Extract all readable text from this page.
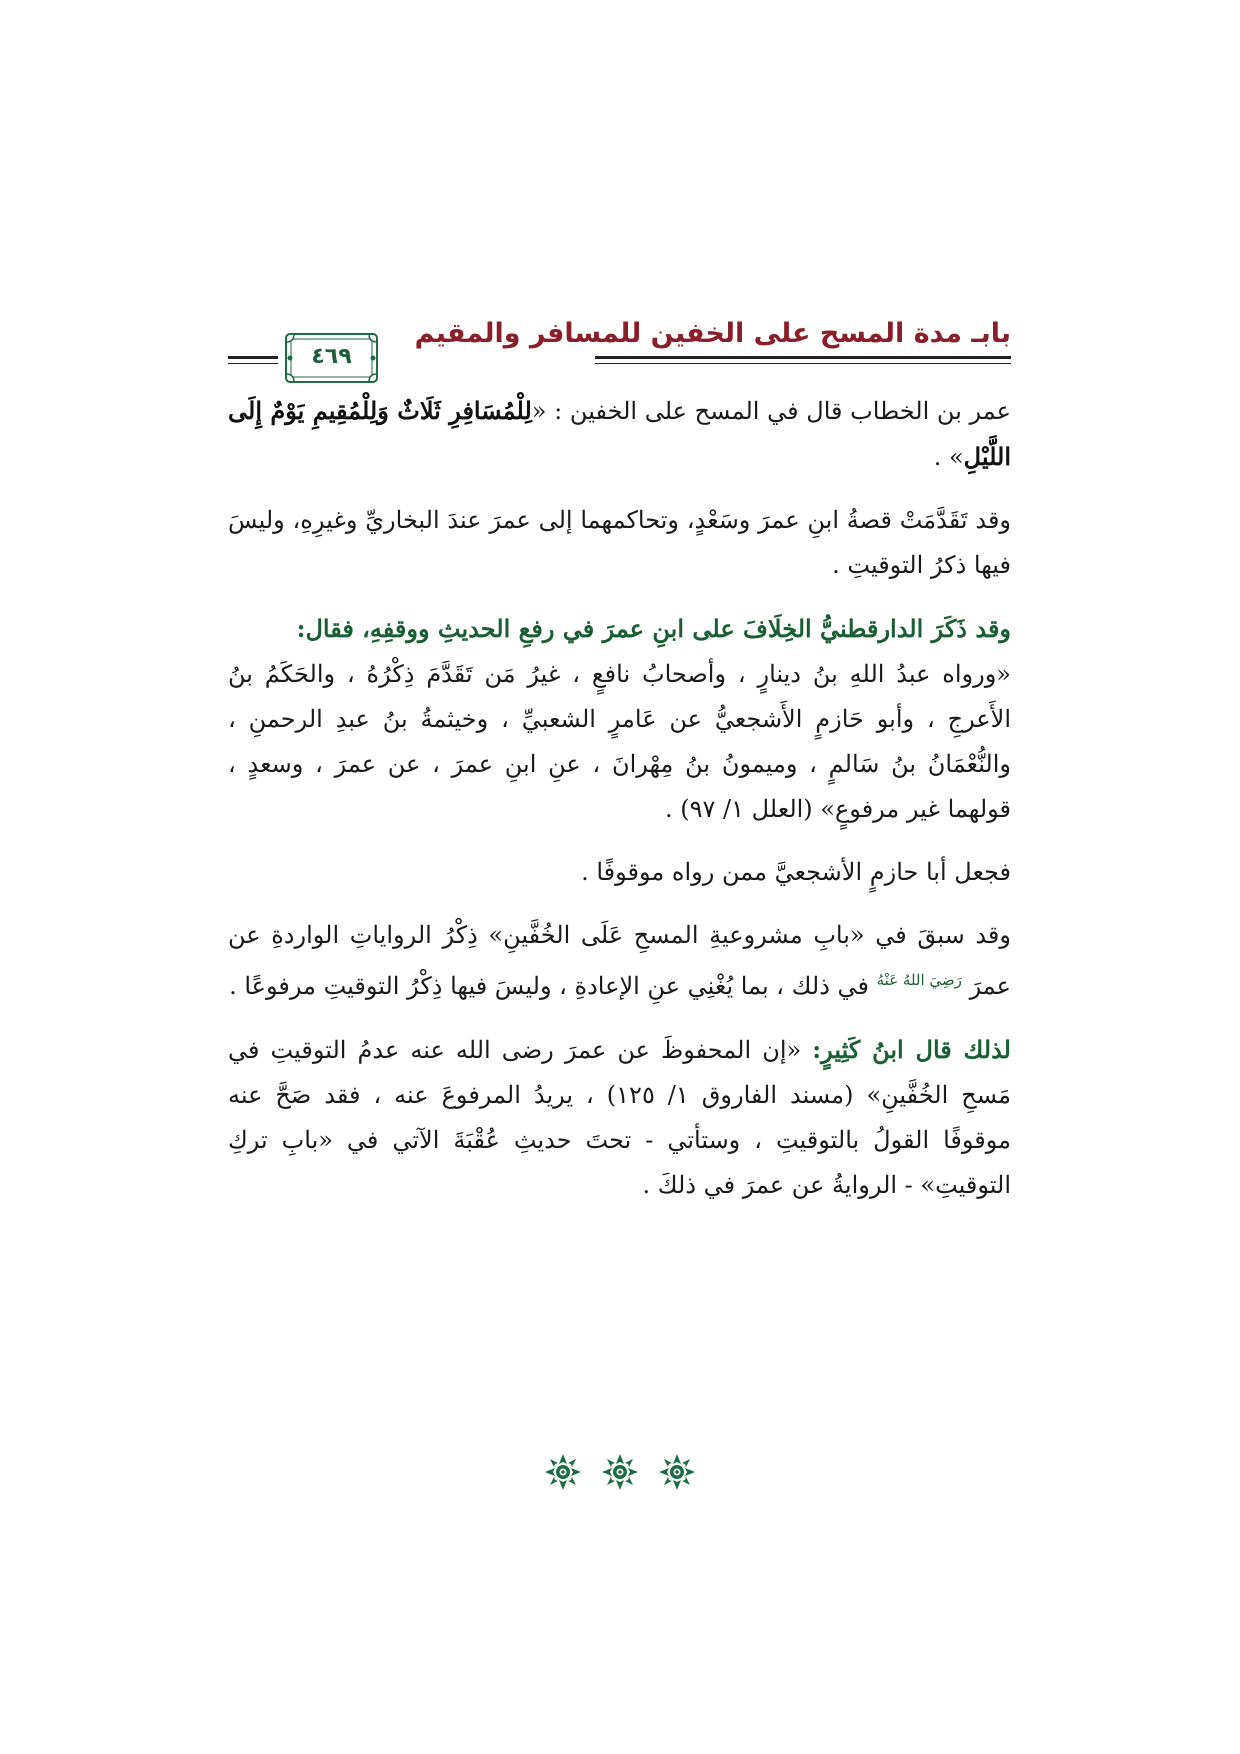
بابـ مدة المسح على الخفين للمسافر والمقيم
٤٦٩

عمر بن الخطاب قال في المسح على الخفين : «لِلْمُسَافِرِ ثَلَاثٌ وَلِلْمُقِيمِ يَوْمٌ إِلَى اللَّيْلِ» .

وقد تَقَدَّمَتْ قصةُ ابنِ عمرَ وسَعْدٍ، وتحاكمهما إلى عمرَ عندَ البخاريِّ وغيرِهِ، وليسَ فيها ذكرُ التوقيتِ .

وقد ذَكَرَ الدارقطنيُّ الخِلَافَ على ابنِ عمرَ في رفعِ الحديثِ ووقفِهِ، فقال:
«ورواه عبدُ اللهِ بنُ دينارٍ ، وأصحابُ نافعٍ ، غيرُ مَن تَقَدَّمَ ذِكْرُهُ ، والحَكَمُ بنُ الأَعرجِ ، وأبو حَازمٍ الأَشجعيُّ عن عَامرٍ الشعبيِّ ، وخيثمةُ بنُ عبدِ الرحمنِ ، والنُّعْمَانُ بنُ سَالمٍ ، وميمونُ بنُ مِهْرانَ ، عنِ ابنِ عمرَ ، عن عمرَ ، وسعدٍ ، قولهما غير مرفوعٍ» (العلل ١/ ٩٧) .

فجعل أبا حازمٍ الأشجعيَّ ممن رواه موقوفًا .

وقد سبقَ في «بابِ مشروعيةِ المسحِ عَلَى الخُفَّينِ» ذِكْرُ الرواياتِ الواردةِ عن عمرَ $^{رَضِيَ اللهُ عَنْهُ}$ في ذلك ، بما يُغْنِي عنِ الإعادةِ ، وليسَ فيها ذِكْرُ التوقيتِ مرفوعًا .

لذلك قال ابنُ كَثِيرٍ: «إن المحفوظَ عن عمرَ رضى الله عنه عدمُ التوقيتِ في مَسحِ الخُفَّينِ» (مسند الفاروق ١/ ١٢٥) ، يريدُ المرفوعَ عنه ، فقد صَحَّ عنه موقوفًا القولُ بالتوقيتِ ، وستأتي - تحتَ حديثِ عُقْبَةَ الآتي في «بابِ تركِ التوقيتِ» - الروايةُ عن عمرَ في ذلكَ .
